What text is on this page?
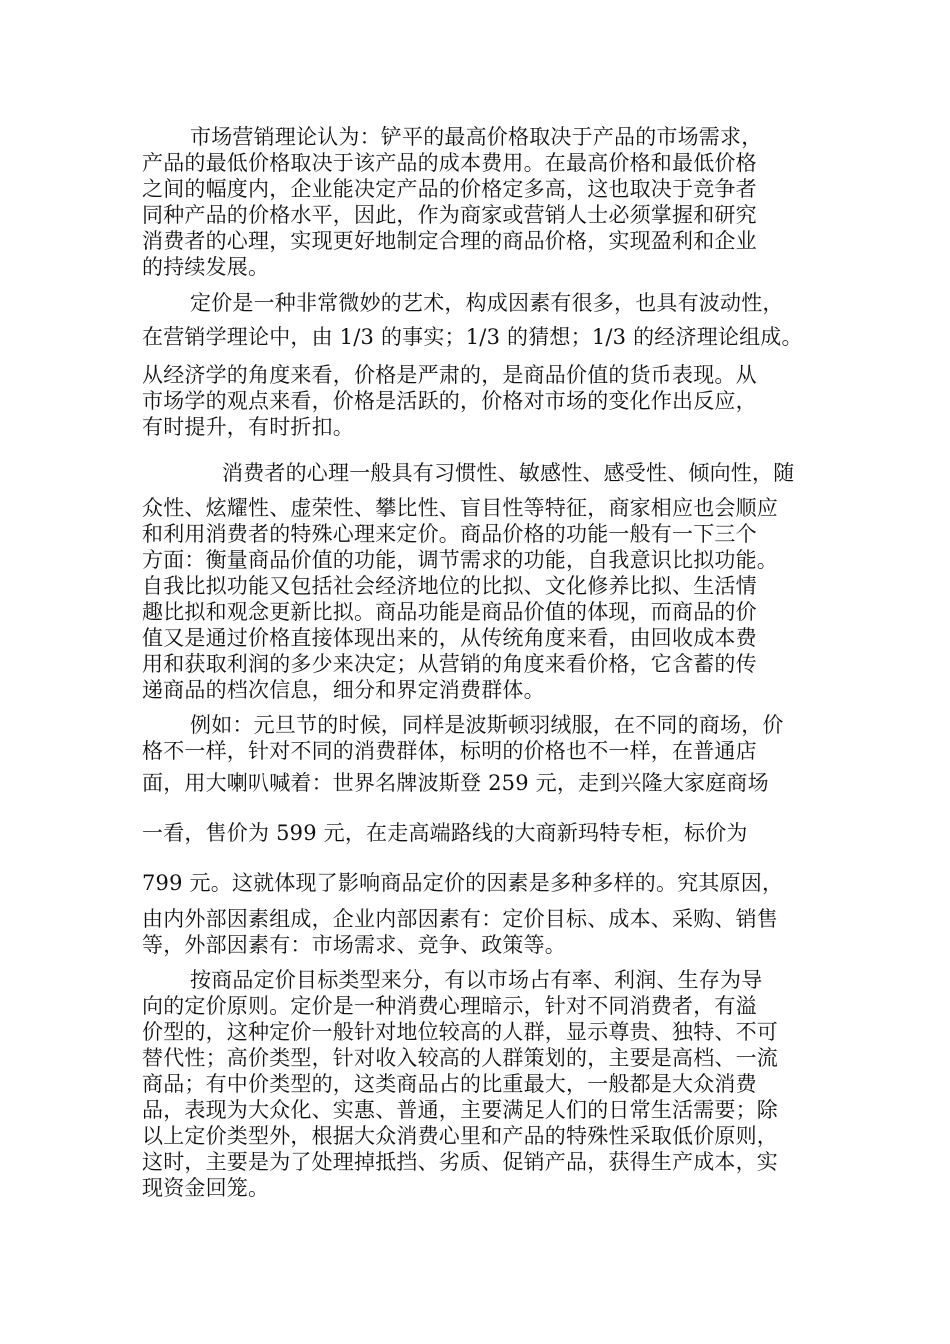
市场营销理论认为：铲平的最高价格取决于产品的市场需求，
产品的最低价格取决于该产品的成本费用。在最高价格和最低价格
之间的幅度内，企业能决定产品的价格定多高，这也取决于竞争者
同种产品的价格水平，因此，作为商家或营销人士必须掌握和研究
消费者的心理，实现更好地制定合理的商品价格，实现盈利和企业
的持续发展。
定价是一种非常微妙的艺术，构成因素有很多，也具有波动性，
在营销学理论中，由 1/3 的事实；1/3 的猜想；1/3 的经济理论组成。
从经济学的角度来看，价格是严肃的，是商品价值的货币表现。从
市场学的观点来看，价格是活跃的，价格对市场的变化作出反应，
有时提升，有时折扣。
消费者的心理一般具有习惯性、敏感性、感受性、倾向性，随
众性、炫耀性、虚荣性、攀比性、盲目性等特征，商家相应也会顺应
和利用消费者的特殊心理来定价。商品价格的功能一般有一下三个
方面：衡量商品价值的功能，调节需求的功能，自我意识比拟功能。
自我比拟功能又包括社会经济地位的比拟、文化修养比拟、生活情
趣比拟和观念更新比拟。商品功能是商品价值的体现，而商品的价
值又是通过价格直接体现出来的，从传统角度来看，由回收成本费
用和获取利润的多少来决定；从营销的角度来看价格，它含蓄的传
递商品的档次信息，细分和界定消费群体。
例如：元旦节的时候，同样是波斯顿羽绒服，在不同的商场，价
格不一样，针对不同的消费群体，标明的价格也不一样，在普通店
面，用大喇叭喊着：世界名牌波斯登 259 元，走到兴隆大家庭商场
一看，售价为 599 元，在走高端路线的大商新玛特专柜，标价为
799 元。这就体现了影响商品定价的因素是多种多样的。究其原因，
由内外部因素组成，企业内部因素有：定价目标、成本、采购、销售
等，外部因素有：市场需求、竞争、政策等。
按商品定价目标类型来分，有以市场占有率、利润、生存为导
向的定价原则。定价是一种消费心理暗示，针对不同消费者，有溢
价型的，这种定价一般针对地位较高的人群，显示尊贵、独特、不可
替代性；高价类型，针对收入较高的人群策划的，主要是高档、一流
商品；有中价类型的，这类商品占的比重最大，一般都是大众消费
品，表现为大众化、实惠、普通，主要满足人们的日常生活需要；除
以上定价类型外，根据大众消费心里和产品的特殊性采取低价原则，
这时，主要是为了处理掉抵挡、劣质、促销产品，获得生产成本，实
现资金回笼。
